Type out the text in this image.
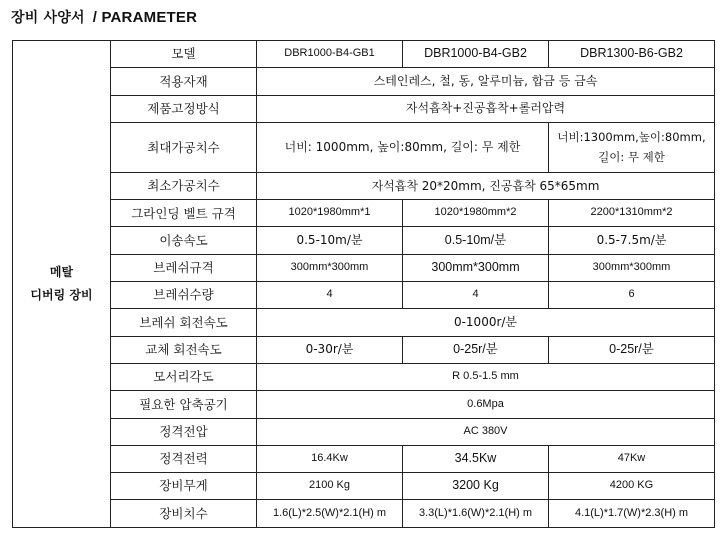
장비 사양서 / PARAMETER
메탈
디버링 장비	모델	DBR1000-B4-GB1	DBR1000-B4-GB2	DBR1300-B6-GB2
	적용자재	스테인레스, 철, 동, 알루미늄, 합금 등 금속		
	제품고정방식	자석흡착+진공흡착+롤러압력		
	최대가공치수	너비: 1000mm, 높이:80mm, 길이: 무 제한		너비:1300mm,높이:80mm, 길이: 무 제한
	최소가공치수	자석흡착 20*20mm, 진공흡착 65*65mm		
	그라인딩 벨트 규격	1020*1980mm*1	1020*1980mm*2	2200*1310mm*2
	이송속도	0.5-10m/분	0.5-10m/분	0.5-7.5m/분
	브레쉬규격	300mm*300mm	300mm*300mm	300mm*300mm
	브레쉬수량	4	4	6
	브레쉬 회전속도	0-1000r/분		
	교체 회전속도	0-30r/분	0-25r/분	0-25r/분
	모서리각도	R 0.5-1.5 mm		
	필요한 압축공기	0.6Mpa		
	정격전압	AC 380V		
	정격전력	16.4Kw	34.5Kw	47Kw
	장비무게	2100 Kg	3200 Kg	4200 KG
	장비치수	1.6(L)*2.5(W)*2.1(H) m	3.3(L)*1.6(W)*2.1(H) m	4.1(L)*1.7(W)*2.3(H) m
